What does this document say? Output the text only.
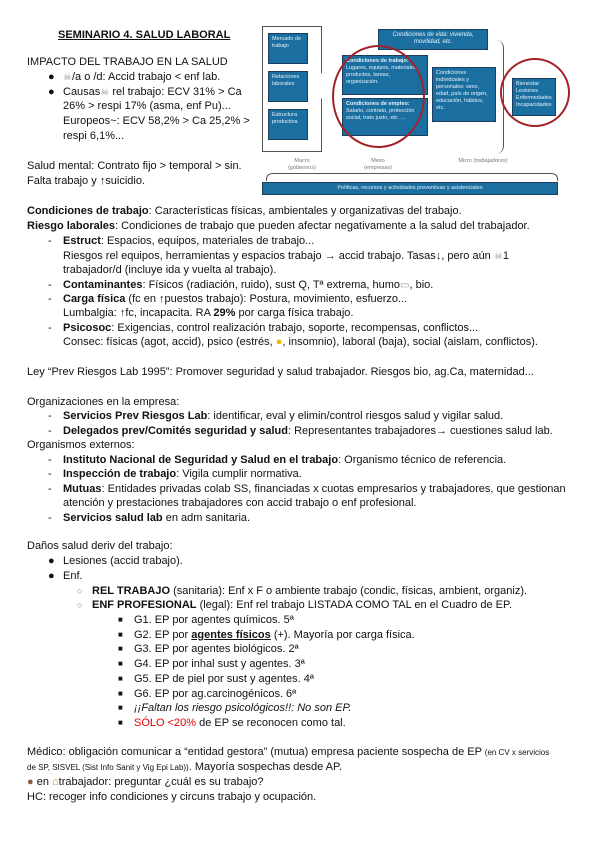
SEMINARIO 4. SALUD LABORAL
IMPACTO DEL TRABAJO EN LA SALUD
● ☠/a o /d: Accid trabajo < enf lab.
● Causas☠ rel trabajo: ECV 31% > Ca
26% > respi 17% (asma, enf Pu)...
Europeos~: ECV 58,2% > Ca 25,2% >
respi 6,1%...
Salud mental: Contrato fijo > temporal > sin.
Falta trabajo y ↑suicidio.
Mercado de trabajo
Relaciones laborales
Estructura productiva
Condiciones de vida: vivienda, movilidad, etc.
Condiciones de trabajo:
Lugares, equipos, materiales, productos, tareas, organización.
Condiciones de empleo:
Salario, contrato, protección social, trato justo, etc. ...
Condiciones individuales y personales: sexo, edad, país de origen, educación, hábitos, etc.
Bienestar Lesiones Enfermedades Incapacidades
Macro (gobiernos)
Meso (empresas)
Micro (trabajadores)
Políticas, recursos y actividades preventivas y asistenciales
Condiciones de trabajo: Características físicas, ambientales y organizativas del trabajo.
Riesgo laborales: Condiciones de trabajo que pueden afectar negativamente a la salud del trabajador.
- Estruct: Espacios, equipos, materiales de trabajo...
Riesgos rel equipos, herramientas y espacios trabajo → accid trabajo. Tasas↓, pero aún ☠1
trabajador/d (incluye ida y vuelta al trabajo).
- Contaminantes: Físicos (radiación, ruido), sust Q, Tª extrema, humo▭, bio.
- Carga física (fc en ↑puestos trabajo): Postura, movimiento, esfuerzo...
Lumbalgia: ↑fc, incapacita. RA 29% por carga física trabajo.
- Psicosoc: Exigencias, control realización trabajo, soporte, recompensas, conflictos...
Consec: físicas (agot, accid), psico (estrés, ●, insomnio), laboral (baja), social (aislam, conflictos).
Ley “Prev Riesgos Lab 1995”: Promover seguridad y salud trabajador. Riesgos bio, ag.Ca, maternidad...
Organizaciones en la empresa:
- Servicios Prev Riesgos Lab: identificar, eval y elimin/control riesgos salud y vigilar salud.
- Delegados prev/Comités seguridad y salud: Representantes trabajadores→ cuestiones salud lab.
Organismos externos:
- Instituto Nacional de Seguridad y Salud en el trabajo: Organismo técnico de referencia.
- Inspección de trabajo: Vigila cumplir normativa.
- Mutuas: Entidades privadas colab SS, financiadas x cuotas empresarios y trabajadores, que gestionan
atención y prestaciones trabajadores con accid trabajo o enf profesional.
- Servicios salud lab en adm sanitaria.
Daños salud deriv del trabajo:
● Lesiones (accid trabajo).
● Enf.
○ REL TRABAJO (sanitaria): Enf x F o ambiente trabajo (condic, físicas, ambient, organiz).
○ ENF PROFESIONAL (legal): Enf rel trabajo LISTADA COMO TAL en el Cuadro de EP.
■ G1. EP por agentes químicos. 5ª
■ G2. EP por agentes físicos (+). Mayoría por carga física.
■ G3. EP por agentes biológicos. 2ª
■ G4. EP por inhal sust y agentes. 3ª
■ G5. EP de piel por sust y agentes. 4ª
■ G6. EP por ag.carcinogénicos. 6ª
■ ¡¡Faltan los riesgo psicológicos!!: No son EP.
■ SÓLO <20% de EP se reconocen como tal.
Médico: obligación comunicar a “entidad gestora” (mutua) empresa paciente sospecha de EP (en CV x servicios
de SP, SISVEL (Sist Info Sanit y Vig Epi Lab)). Mayoría sospechas desde AP.
● en ⌂trabajador: preguntar ¿cuál es su trabajo?
HC: recoger info condiciones y circuns trabajo y ocupación.
